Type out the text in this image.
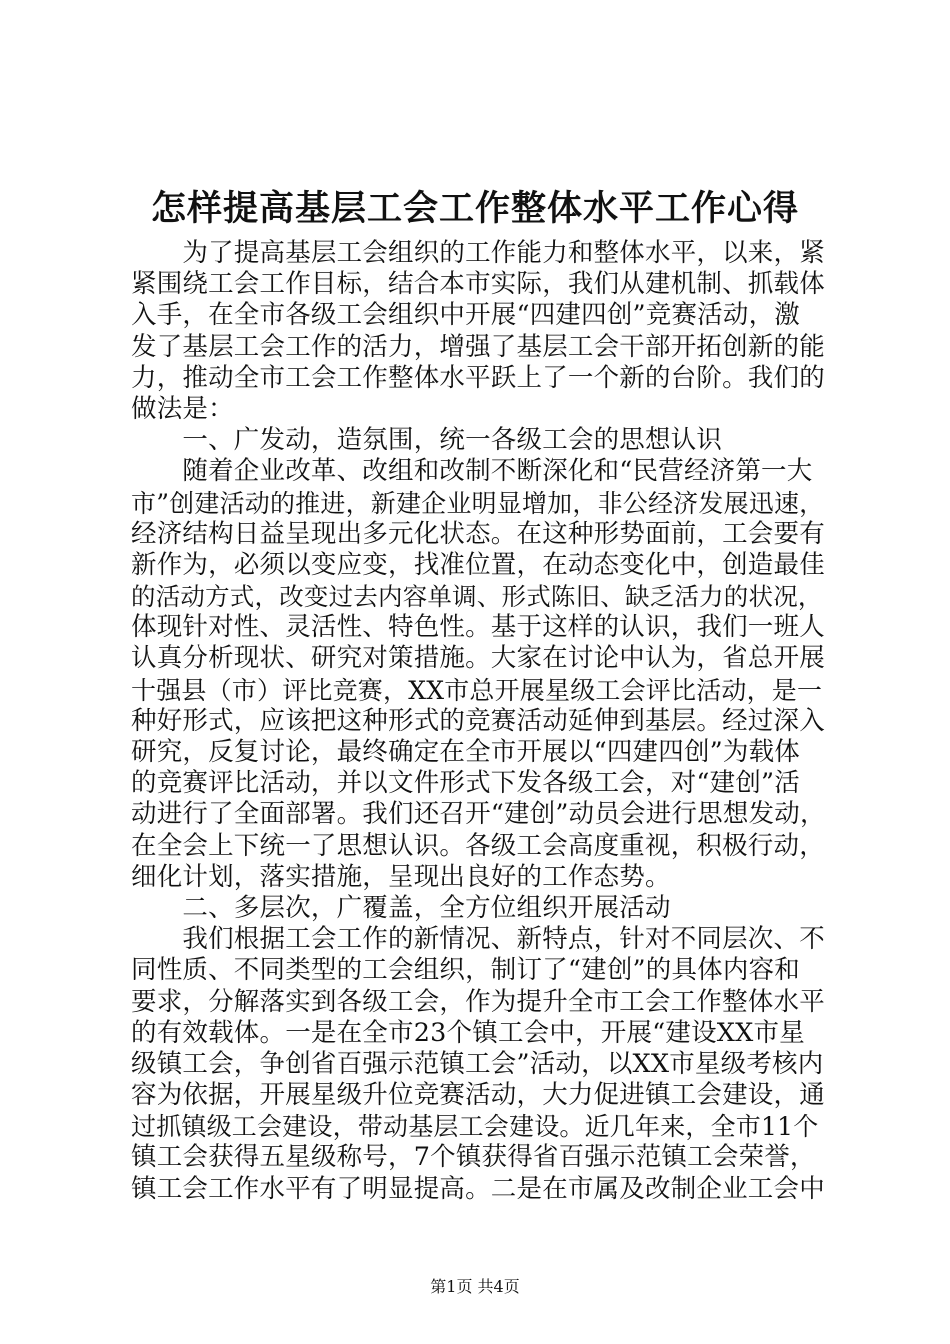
怎样提高基层工会工作整体水平工作心得
　　为了提高基层工会组织的工作能力和整体水平，以来，紧
紧围绕工会工作目标，结合本市实际，我们从建机制、抓载体
入手，在全市各级工会组织中开展“四建四创”竞赛活动，激
发了基层工会工作的活力，增强了基层工会干部开拓创新的能
力，推动全市工会工作整体水平跃上了一个新的台阶。我们的
做法是：
　　一、广发动，造氛围，统一各级工会的思想认识
　　随着企业改革、改组和改制不断深化和“民营经济第一大
市”创建活动的推进，新建企业明显增加，非公经济发展迅速，
经济结构日益呈现出多元化状态。在这种形势面前，工会要有
新作为，必须以变应变，找准位置，在动态变化中，创造最佳
的活动方式，改变过去内容单调、形式陈旧、缺乏活力的状况，
体现针对性、灵活性、特色性。基于这样的认识，我们一班人
认真分析现状、研究对策措施。大家在讨论中认为，省总开展
十强县（市）评比竞赛，XX市总开展星级工会评比活动，是一
种好形式，应该把这种形式的竞赛活动延伸到基层。经过深入
研究，反复讨论，最终确定在全市开展以“四建四创”为载体
的竞赛评比活动，并以文件形式下发各级工会，对“建创”活
动进行了全面部署。我们还召开“建创”动员会进行思想发动，
在全会上下统一了思想认识。各级工会高度重视，积极行动，
细化计划，落实措施，呈现出良好的工作态势。
　　二、多层次，广覆盖，全方位组织开展活动
　　我们根据工会工作的新情况、新特点，针对不同层次、不
同性质、不同类型的工会组织，制订了“建创”的具体内容和
要求，分解落实到各级工会，作为提升全市工会工作整体水平
的有效载体。一是在全市23个镇工会中，开展“建设XX市星
级镇工会，争创省百强示范镇工会”活动，以XX市星级考核内
容为依据，开展星级升位竞赛活动，大力促进镇工会建设，通
过抓镇级工会建设，带动基层工会建设。近几年来，全市11个
镇工会获得五星级称号，7个镇获得省百强示范镇工会荣誉，
镇工会工作水平有了明显提高。二是在市属及改制企业工会中
第1页 共4页
